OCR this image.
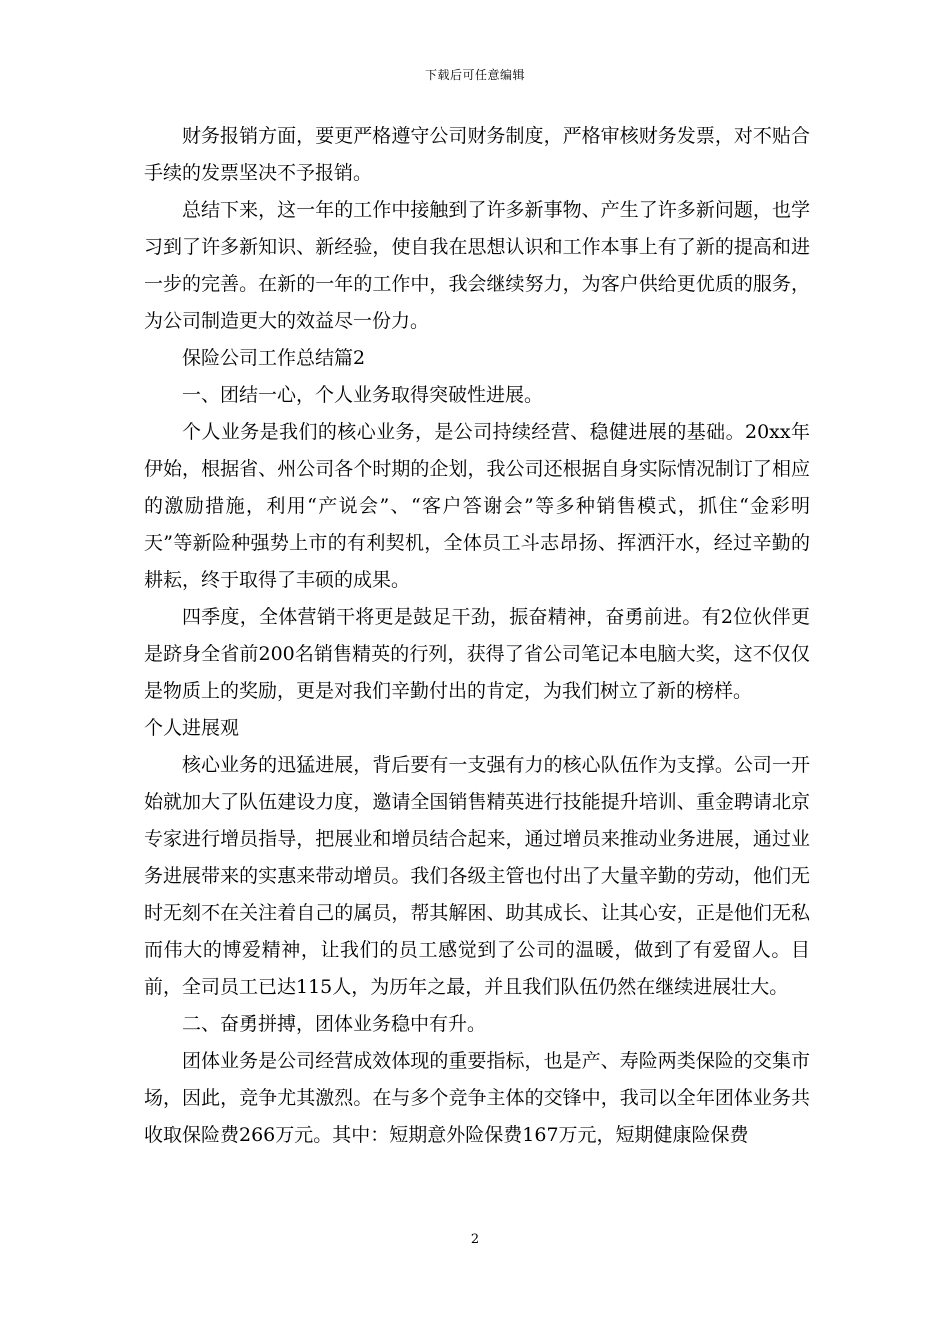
下载后可任意编辑

财务报销方面，要更严格遵守公司财务制度，严格审核财务发票，对不贴合手续的发票坚决不予报销。

总结下来，这一年的工作中接触到了许多新事物、产生了许多新问题，也学习到了许多新知识、新经验，使自我在思想认识和工作本事上有了新的提高和进一步的完善。在新的一年的工作中，我会继续努力，为客户供给更优质的服务，为公司制造更大的效益尽一份力。

保险公司工作总结篇2

一、团结一心，个人业务取得突破性进展。

个人业务是我们的核心业务，是公司持续经营、稳健进展的基础。20xx年伊始，根据省、州公司各个时期的企划，我公司还根据自身实际情况制订了相应的激励措施，利用“产说会”、“客户答谢会”等多种销售模式，抓住“金彩明天”等新险种强势上市的有利契机，全体员工斗志昂扬、挥洒汗水，经过辛勤的耕耘，终于取得了丰硕的成果。

四季度，全体营销干将更是鼓足干劲，振奋精神，奋勇前进。有2位伙伴更是跻身全省前200名销售精英的行列，获得了省公司笔记本电脑大奖，这不仅仅是物质上的奖励，更是对我们辛勤付出的肯定，为我们树立了新的榜样。

个人进展观

核心业务的迅猛进展，背后要有一支强有力的核心队伍作为支撑。公司一开始就加大了队伍建设力度，邀请全国销售精英进行技能提升培训、重金聘请北京专家进行增员指导，把展业和增员结合起来，通过增员来推动业务进展，通过业务进展带来的实惠来带动增员。我们各级主管也付出了大量辛勤的劳动，他们无时无刻不在关注着自己的属员，帮其解困、助其成长、让其心安，正是他们无私而伟大的博爱精神，让我们的员工感觉到了公司的温暖，做到了有爱留人。目前，全司员工已达115人，为历年之最，并且我们队伍仍然在继续进展壮大。

二、奋勇拼搏，团体业务稳中有升。

团体业务是公司经营成效体现的重要指标，也是产、寿险两类保险的交集市场，因此，竞争尤其激烈。在与多个竞争主体的交锋中，我司以全年团体业务共收取保险费266万元。其中：短期意外险保费167万元，短期健康险保费

2
